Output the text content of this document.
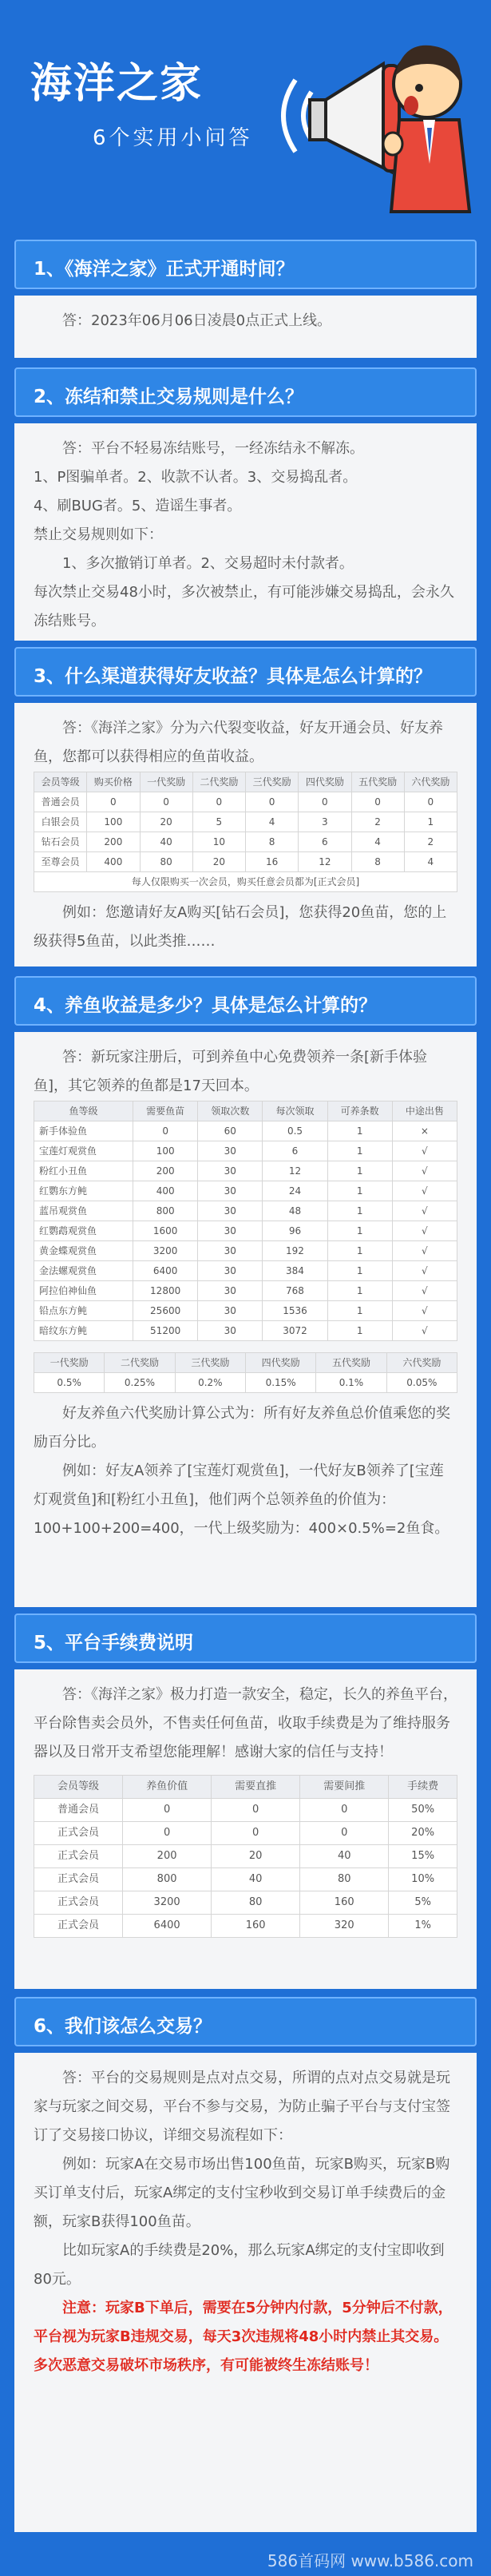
海洋之家
6个实用小问答
1、《海洋之家》正式开通时间？

答：2023年06月06日凌晨0点正式上线。

2、冻结和禁止交易规则是什么？

答：平台不轻易冻结账号，一经冻结永不解冻。

1、P图骗单者。2、收款不认者。3、交易捣乱者。

4、刷BUG者。5、造谣生事者。

禁止交易规则如下：

1、多次撤销订单者。2、交易超时未付款者。

每次禁止交易48小时，多次被禁止，有可能涉嫌交易捣乱，会永久冻结账号。

3、什么渠道获得好友收益？具体是怎么计算的？

答：《海洋之家》分为六代裂变收益，好友开通会员、好友养鱼，您都可以获得相应的鱼苗收益。

会员等级	购买价格	一代奖励	二代奖励	三代奖励	四代奖励	五代奖励	六代奖励
普通会员	0	0	0	0	0	0	0
白银会员	100	20	5	4	3	2	1
钻石会员	200	40	10	8	6	4	2
至尊会员	400	80	20	16	12	8	4
每人仅限购买一次会员，购买任意会员都为[正式会员]

例如：您邀请好友A购买[钻石会员]，您获得20鱼苗，您的上级获得5鱼苗，以此类推……

4、养鱼收益是多少？具体是怎么计算的？

答：新玩家注册后，可到养鱼中心免费领养一条[新手体验鱼]，其它领养的鱼都是17天回本。

鱼等级	需要鱼苗	领取次数	每次领取	可养条数	中途出售
新手体验鱼	0	60	0.5	1	×
宝莲灯观赏鱼	100	30	6	1	√
粉红小丑鱼	200	30	12	1	√
红鹦东方鲀	400	30	24	1	√
蓝吊观赏鱼	800	30	48	1	√
红鹦鹉观赏鱼	1600	30	96	1	√
黄金蝶观赏鱼	3200	30	192	1	√
金法螺观赏鱼	6400	30	384	1	√
阿拉伯神仙鱼	12800	30	768	1	√
铅点东方鲀	25600	30	1536	1	√
暗纹东方鲀	51200	30	3072	1	√
一代奖励	二代奖励	三代奖励	四代奖励	五代奖励	六代奖励
0.5%	0.25%	0.2%	0.15%	0.1%	0.05%

好友养鱼六代奖励计算公式为：所有好友养鱼总价值乘您的奖励百分比。

例如：好友A领养了[宝莲灯观赏鱼]，一代好友B领养了[宝莲灯观赏鱼]和[粉红小丑鱼]，他们两个总领养鱼的价值为：100+100+200=400，一代上级奖励为：400×0.5%=2鱼食。

5、平台手续费说明

答：《海洋之家》极力打造一款安全，稳定，长久的养鱼平台，平台除售卖会员外，不售卖任何鱼苗，收取手续费是为了维持服务器以及日常开支希望您能理解！感谢大家的信任与支持！

会员等级	养鱼价值	需要直推	需要间推	手续费
普通会员	0	0	0	50%
正式会员	0	0	0	20%
正式会员	200	20	40	15%
正式会员	800	40	80	10%
正式会员	3200	80	160	5%
正式会员	6400	160	320	1%
6、我们该怎么交易？

答：平台的交易规则是点对点交易，所谓的点对点交易就是玩家与玩家之间交易，平台不参与交易，为防止骗子平台与支付宝签订了交易接口协议，详细交易流程如下：

例如：玩家A在交易市场出售100鱼苗，玩家B购买，玩家B购买订单支付后，玩家A绑定的支付宝秒收到交易订单手续费后的金额，玩家B获得100鱼苗。

比如玩家A的手续费是20%，那么玩家A绑定的支付宝即收到80元。

注意：玩家B下单后，需要在5分钟内付款，5分钟后不付款，平台视为玩家B违规交易，每天3次违规将48小时内禁止其交易。多次恶意交易破坏市场秩序，有可能被终生冻结账号！

586首码网 www.b586.com
